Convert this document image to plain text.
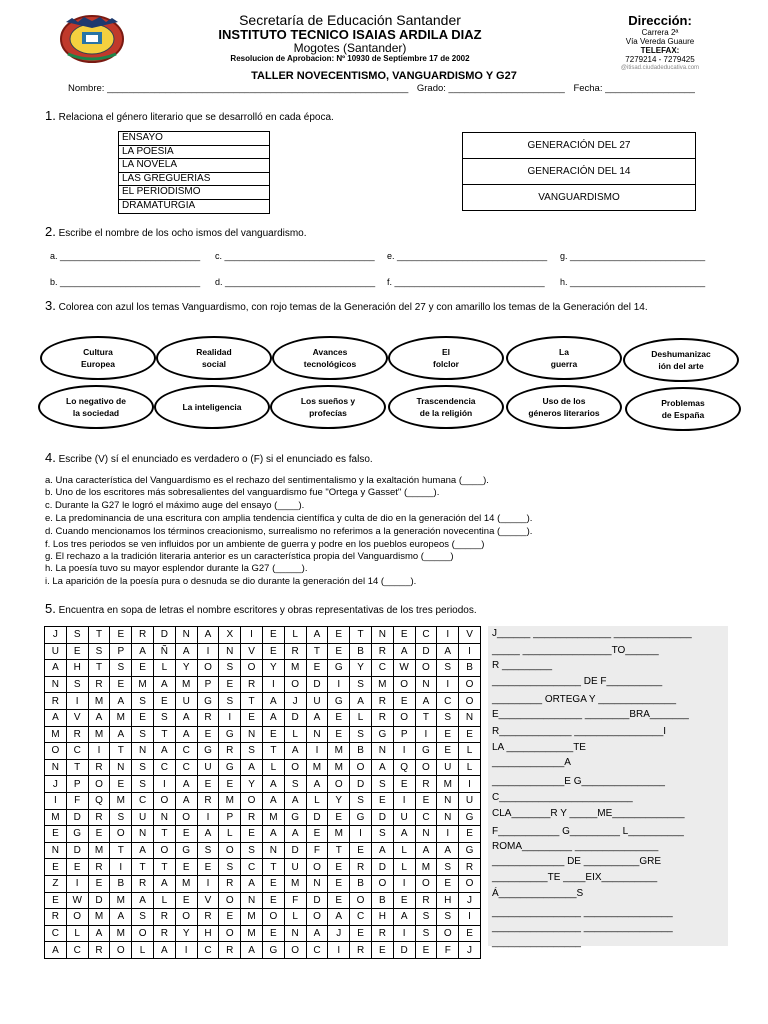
Secretaría de Educación Santander
INSTITUTO TECNICO ISAIAS ARDILA DIAZ
Mogotes (Santander)
Resolucion de Aprobacion: Nº 10930 de Septiembre 17 de 2002
Dirección:
Carrera 2ª
Vía Vereda Guaure
TELEFAX:
7279214 - 7279425
@itisad.ciudadeducativa.com
TALLER NOVECENTISMO, VANGUARDISMO Y G27
Nombre: _________________________________________________________ Grado: ______________________ Fecha: _________________
1. Relaciona el género literario que se desarrolló en cada época.
ENSAYO
LA POESIA
LA NOVELA
LAS GREGUERIAS
EL PERIODISMO
DRAMATURGIA
GENERACIÓN DEL 27
GENERACIÓN DEL 14
VANGUARDISMO
2. Escribe el nombre de los ocho ismos del vanguardismo.
a. ____________________________ c. ______________________________ e. ______________________________ g. ___________________________
b. ____________________________ d. ______________________________ f. ______________________________ h. ___________________________
3. Colorea con azul los temas Vanguardismo, con rojo temas de la Generación del 27 y con amarillo los temas de la Generación del 14.
Cultura
Europea
Realidad
social
Avances
tecnológicos
El
folclor
La
guerra
Deshumanizac
ión del arte
Lo negativo de
la sociedad
La inteligencia
Los sueños y
profecías
Trascendencia
de la religión
Uso de los
géneros literarios
Problemas
de España
4. Escribe (V) sí el enunciado es verdadero o (F) si el enunciado es falso.
a. Una característica del Vanguardismo es el rechazo del sentimentalismo y la exaltación humana (____).
b. Uno de los escritores más sobresalientes del vanguardismo fue "Ortega y Gasset" (_____).
c. Durante la G27 le logró el máximo auge del ensayo (____).
e. La predominancia de una escritura con amplia tendencia científica y culta de dio en la generación del 14 (_____).
d. Cuando mencionamos los términos creacionismo, surrealismo no referimos a la generación novecentina (_____).
f. Los tres periodos se ven influidos por un ambiente de guerra y podre en los pueblos europeos (_____)
g. El rechazo a la tradición literaria anterior es un característica propia del Vanguardismo (_____)
h. La poesía tuvo su mayor esplendor durante la G27 (_____).
i. La aparición de la poesía pura o desnuda se dio durante la generación del 14 (_____).
5. Encuentra en sopa de letras el nombre escritores y obras representativas de los tres periodos.
J	S	T	E	R	D	N	A	X	I	E	L	A	E	T	N	E	C	I	V
U	E	S	P	A	Ñ	A	I	N	V	E	R	T	E	B	R	A	D	A	I
A	H	T	S	E	L	Y	O	S	O	Y	M	E	G	Y	C	W	O	S	B
N	S	R	E	M	A	M	P	E	R	I	O	D	I	S	M	O	N	I	O
R	I	M	A	S	E	U	G	S	T	A	J	U	G	A	R	E	A	C	O
A	V	A	M	E	S	A	R	I	E	A	D	A	E	L	R	O	T	S	N
M	R	M	A	S	T	A	E	G	N	E	L	N	E	S	G	P	I	E	E
O	C	I	T	N	A	C	G	R	S	T	A	I	M	B	N	I	G	E	L
N	T	R	N	S	C	C	U	G	A	L	O	M	M	O	A	Q	O	U	L
J	P	O	E	S	I	A	E	E	Y	A	S	A	O	D	S	E	R	M	I
I	F	Q	M	C	O	A	R	M	O	A	A	L	Y	S	E	I	E	N	U
M	D	R	S	U	N	O	I	P	R	M	G	D	E	G	D	U	C	N	G
E	G	E	O	N	T	E	A	L	E	A	A	E	M	I	S	A	N	I	E
N	D	M	T	A	O	G	S	O	S	N	D	F	T	E	A	L	A	A	G
E	E	R	I	T	T	E	E	S	C	T	U	O	E	R	D	L	M	S	R
Z	I	E	B	R	A	M	I	R	A	E	M	N	E	B	O	I	O	E	O
E	W	D	M	A	L	E	V	O	N	E	F	D	E	O	B	E	R	H	J
R	O	M	A	S	R	O	R	E	M	O	L	O	A	C	H	A	S	S	I
C	L	A	M	O	R	Y	H	O	M	E	N	A	J	E	R	I	S	O	E
A	C	R	O	L	A	I	C	R	A	G	O	C	I	R	E	D	E	F	J
J______ ______________ ______________
_____ ________________TO______
R _________
________________ DE F__________
_________ ORTEGA Y ______________
E_______________ ________BRA_______
R_____________ ________________I
LA ____________TE
_____________A
_____________E G_______________
C________________________
CLA_______R Y _____ME_____________
F___________ G_________ L__________
ROMA_________ _______________
_____________ DE __________GRE
__________TE ____EIX__________
Á______________S
________________ ________________
________________ ________________
________________
